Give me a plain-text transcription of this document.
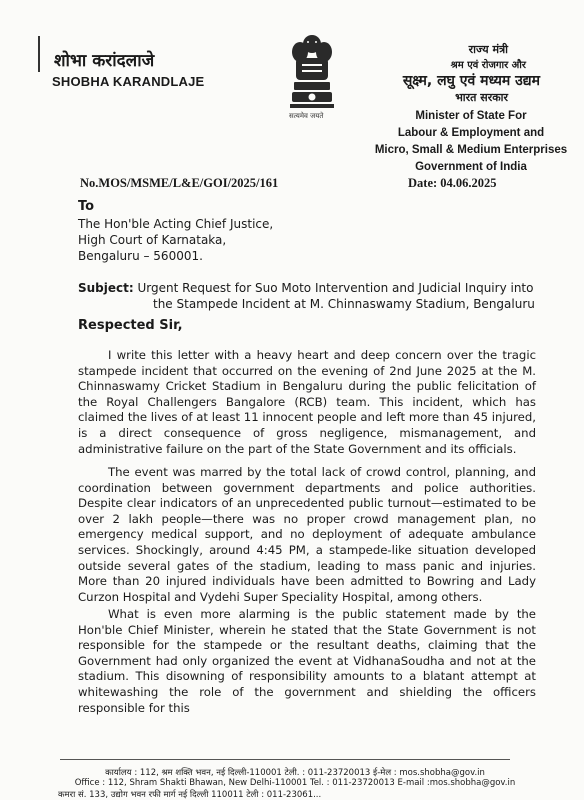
शोभा करांदलाजे
SHOBHA KARANDLAJE
सत्यमेव जयते
राज्य मंत्री
श्रम एवं रोजगार और
सूक्ष्म, लघु एवं मध्यम उद्यम
भारत सरकार
Minister of State For
Labour & Employment and
Micro, Small & Medium Enterprises
Government of India
No.MOS/MSME/L&E/GOI/2025/161	Date: 04.06.2025
To
The Hon'ble Acting Chief Justice,
High Court of Karnataka,
Bengaluru – 560001.
Subject: Urgent Request for Suo Moto Intervention and Judicial Inquiry into
the Stampede Incident at M. Chinnaswamy Stadium, Bengaluru
Respected Sir,
I write this letter with a heavy heart and deep concern over the tragic stampede incident that occurred on the evening of 2nd June 2025 at the M. Chinnaswamy Cricket Stadium in Bengaluru during the public felicitation of the Royal Challengers Bangalore (RCB) team. This incident, which has claimed the lives of at least 11 innocent people and left more than 45 injured, is a direct consequence of gross negligence, mismanagement, and administrative failure on the part of the State Government and its officials.
The event was marred by the total lack of crowd control, planning, and coordination between government departments and police authorities. Despite clear indicators of an unprecedented public turnout—estimated to be over 2 lakh people—there was no proper crowd management plan, no emergency medical support, and no deployment of adequate ambulance services. Shockingly, around 4:45 PM, a stampede-like situation developed outside several gates of the stadium, leading to mass panic and injuries. More than 20 injured individuals have been admitted to Bowring and Lady Curzon Hospital and Vydehi Super Speciality Hospital, among others.
What is even more alarming is the public statement made by the Hon'ble Chief Minister, wherein he stated that the State Government is not responsible for the stampede or the resultant deaths, claiming that the Government had only organized the event at VidhanaSoudha and not at the stadium. This disowning of responsibility amounts to a blatant attempt at whitewashing the role of the government and shielding the officers responsible for this
कार्यालय : 112, श्रम शक्ति भवन, नई दिल्ली-110001 टेली. : 011-23720013 ई-मेल : mos.shobha@gov.in
Office : 112, Shram Shakti Bhawan, New Delhi-110001 Tel. : 011-23720013 E-mail :mos.shobha@gov.in
कमरा सं. 133, उद्योग भवन रफी मार्ग नई दिल्ली 110011 टेली : 011-23061...
